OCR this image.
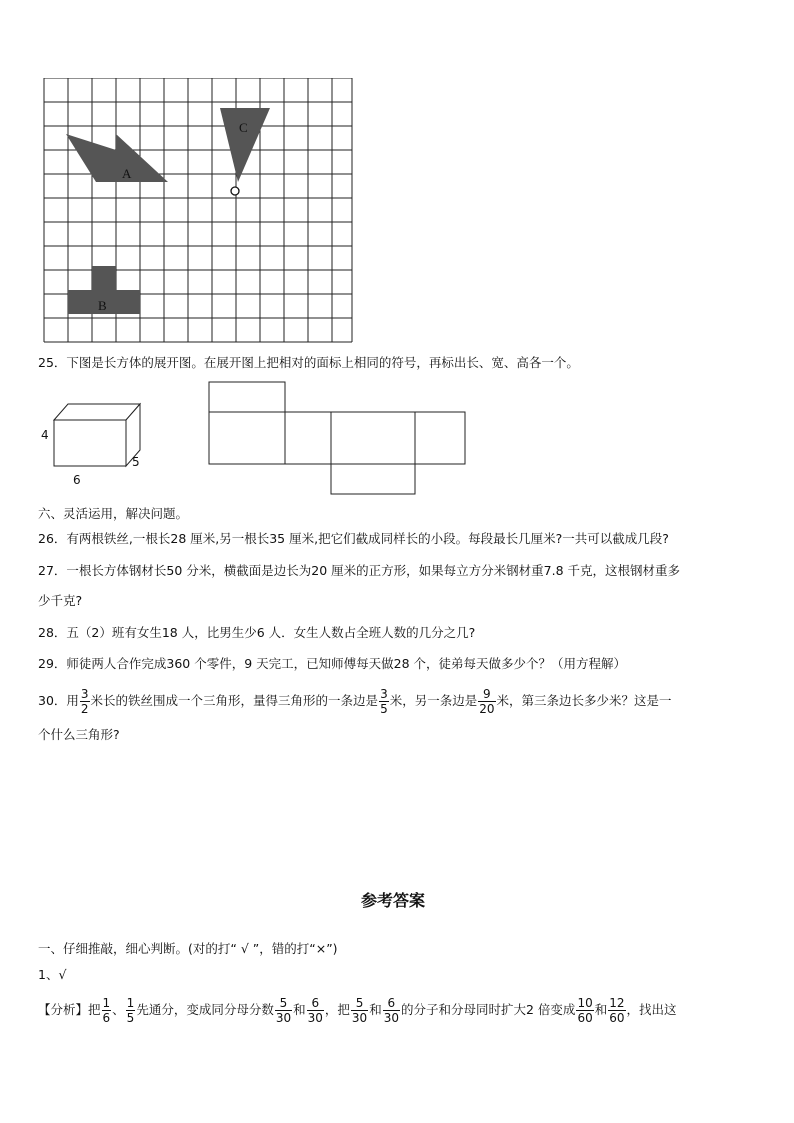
A
B
C
25．下图是长方体的展开图。在展开图上把相对的面标上相同的符号，再标出长、宽、高各一个。
4
6
5
六、灵活运用，解决问题。
26．有两根铁丝,一根长28 厘米,另一根长35 厘米,把它们截成同样长的小段。每段最长几厘米?一共可以截成几段?
27．一根长方体钢材长50 分米，横截面是边长为20 厘米的正方形，如果每立方分米钢材重7.8 千克，这根钢材重多
少千克?
28．五（2）班有女生18 人，比男生少6 人．女生人数占全班人数的几分之几?
29．师徒两人合作完成360 个零件，9 天完工，已知师傅每天做28 个，徒弟每天做多少个？（用方程解）
30．用 $\frac{3}{2}$ 米长的铁丝围成一个三角形，量得三角形的一条边是 $\frac{3}{5}$ 米，另一条边是 $\frac{9}{20}$ 米，第三条边长多少米？这是一
个什么三角形?
参考答案
一、仔细推敲，细心判断。(对的打“ √ ”，错的打“×”)
1、√
【分析】把 $\frac{1}{6}$ 、 $\frac{1}{5}$ 先通分，变成同分母分数 $\frac{5}{30}$ 和 $\frac{6}{30}$ ，把 $\frac{5}{30}$ 和 $\frac{6}{30}$ 的分子和分母同时扩大2 倍变成 $\frac{10}{60}$ 和 $\frac{12}{60}$ ，找出这
